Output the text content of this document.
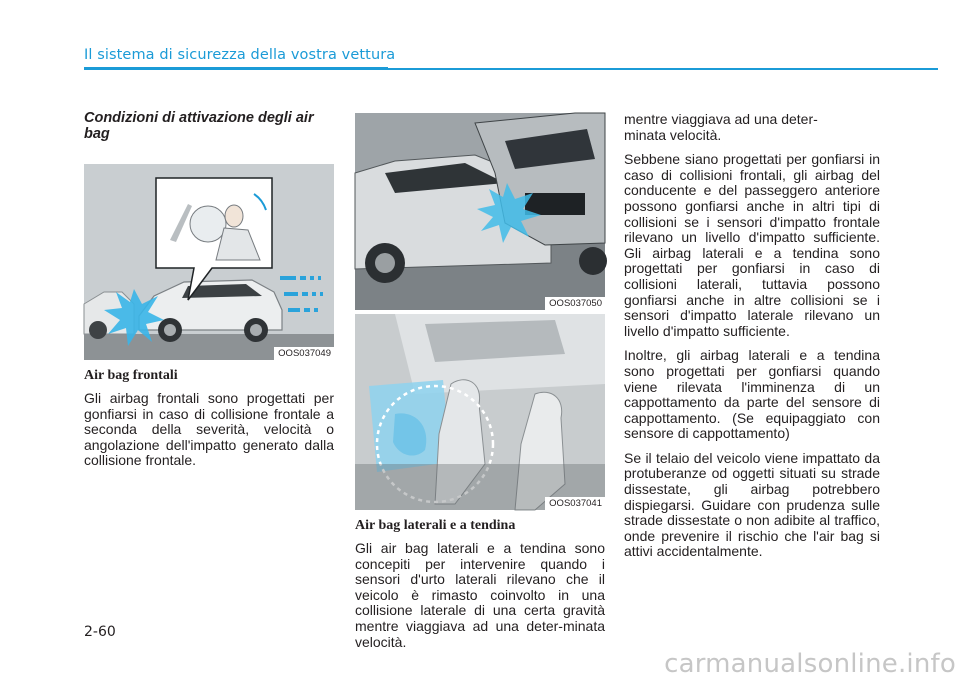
Il sistema di sicurezza della vostra vettura
Condizioni di attivazione degli air bag
OOS037049
Air bag frontali

Gli airbag frontali sono progettati per gonfiarsi in caso di collisione frontale a seconda della severità, velocità o angolazione dell'impatto generato dalla collisione frontale.

OOS037050
OOS037041
Air bag laterali e a tendina

Gli air bag laterali e a tendina sono concepiti per intervenire quando i sensori d'urto laterali rilevano che il veicolo è rimasto coinvolto in una collisione laterale di una certa gravità mentre viaggiava ad una deter-minata velocità.

mentre viaggiava ad una deter-
minata velocità.

Sebbene siano progettati per gonfiarsi in caso di collisioni frontali, gli airbag del conducente e del passeggero anteriore possono gonfiarsi anche in altri tipi di collisioni se i sensori d'impatto frontale rilevano un livello d'impatto sufficiente. Gli airbag laterali e a tendina sono progettati per gonfiarsi in caso di collisioni laterali, tuttavia possono gonfiarsi anche in altre collisioni se i sensori d'impatto laterale rilevano un livello d'impatto sufficiente.

Inoltre, gli airbag laterali e a tendina sono progettati per gonfiarsi quando viene rilevata l'imminenza di un cappottamento da parte del sensore di cappottamento. (Se equipaggiato con sensore di cappottamento)

Se il telaio del veicolo viene impattato da protuberanze od oggetti situati su strade dissestate, gli airbag potrebbero dispiegarsi. Guidare con prudenza sulle strade dissestate o non adibite al traffico, onde prevenire il rischio che l'air bag si attivi accidentalmente.

2-60
carmanualsonline.info
